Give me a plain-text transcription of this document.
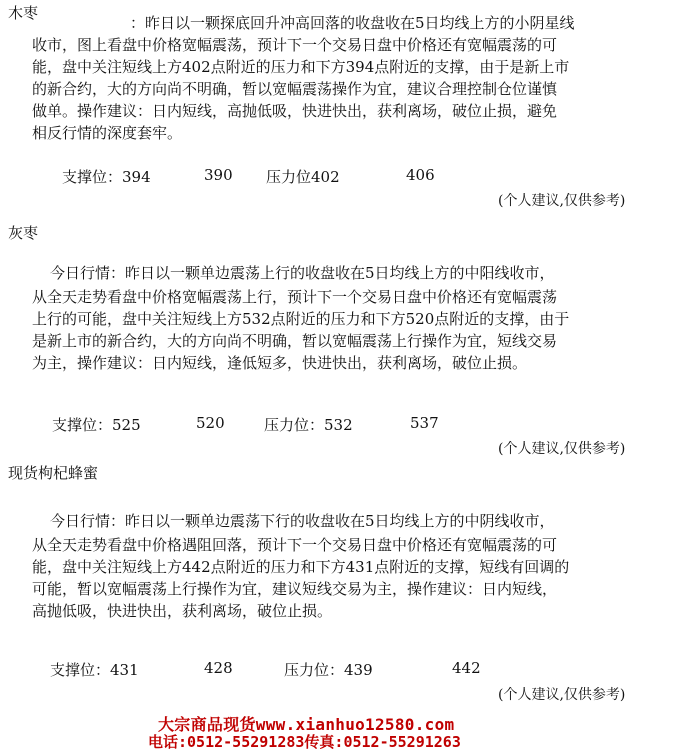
木枣

：昨日以一颗探底回升冲高回落的收盘收在5日均线上方的小阴星线

收市，图上看盘中价格宽幅震荡，预计下一个交易日盘中价格还有宽幅震荡的可

能，盘中关注短线上方402点附近的压力和下方394点附近的支撑，由于是新上市

的新合约，大的方向尚不明确，暂以宽幅震荡操作为宜，建议合理控制仓位谨慎

做单。操作建议：日内短线，高抛低吸，快进快出，获利离场，破位止损，避免

相反行情的深度套牢。

支撑位：394	390 压力位402	406
(个人建议,仅供参考)
灰枣

今日行情：昨日以一颗单边震荡上行的收盘收在5日均线上方的中阳线收市，

从全天走势看盘中价格宽幅震荡上行，预计下一个交易日盘中价格还有宽幅震荡

上行的可能，盘中关注短线上方532点附近的压力和下方520点附近的支撑，由于

是新上市的新合约，大的方向尚不明确，暂以宽幅震荡上行操作为宜，短线交易

为主，操作建议：日内短线，逢低短多，快进快出，获利离场，破位止损。

支撑位：525	520	压力位：532	537
(个人建议,仅供参考)
现货枸杞蜂蜜

今日行情：昨日以一颗单边震荡下行的收盘收在5日均线上方的中阴线收市，

从全天走势看盘中价格遇阻回落，预计下一个交易日盘中价格还有宽幅震荡的可

能，盘中关注短线上方442点附近的压力和下方431点附近的支撑，短线有回调的

可能，暂以宽幅震荡上行操作为宜，建议短线交易为主，操作建议：日内短线，

高抛低吸，快进快出，获利离场，破位止损。

支撑位：431	428	压力位：439	442
(个人建议,仅供参考)
大宗商品现货www.xianhuo12580.com
电话:0512-55291283传真:0512-55291263
